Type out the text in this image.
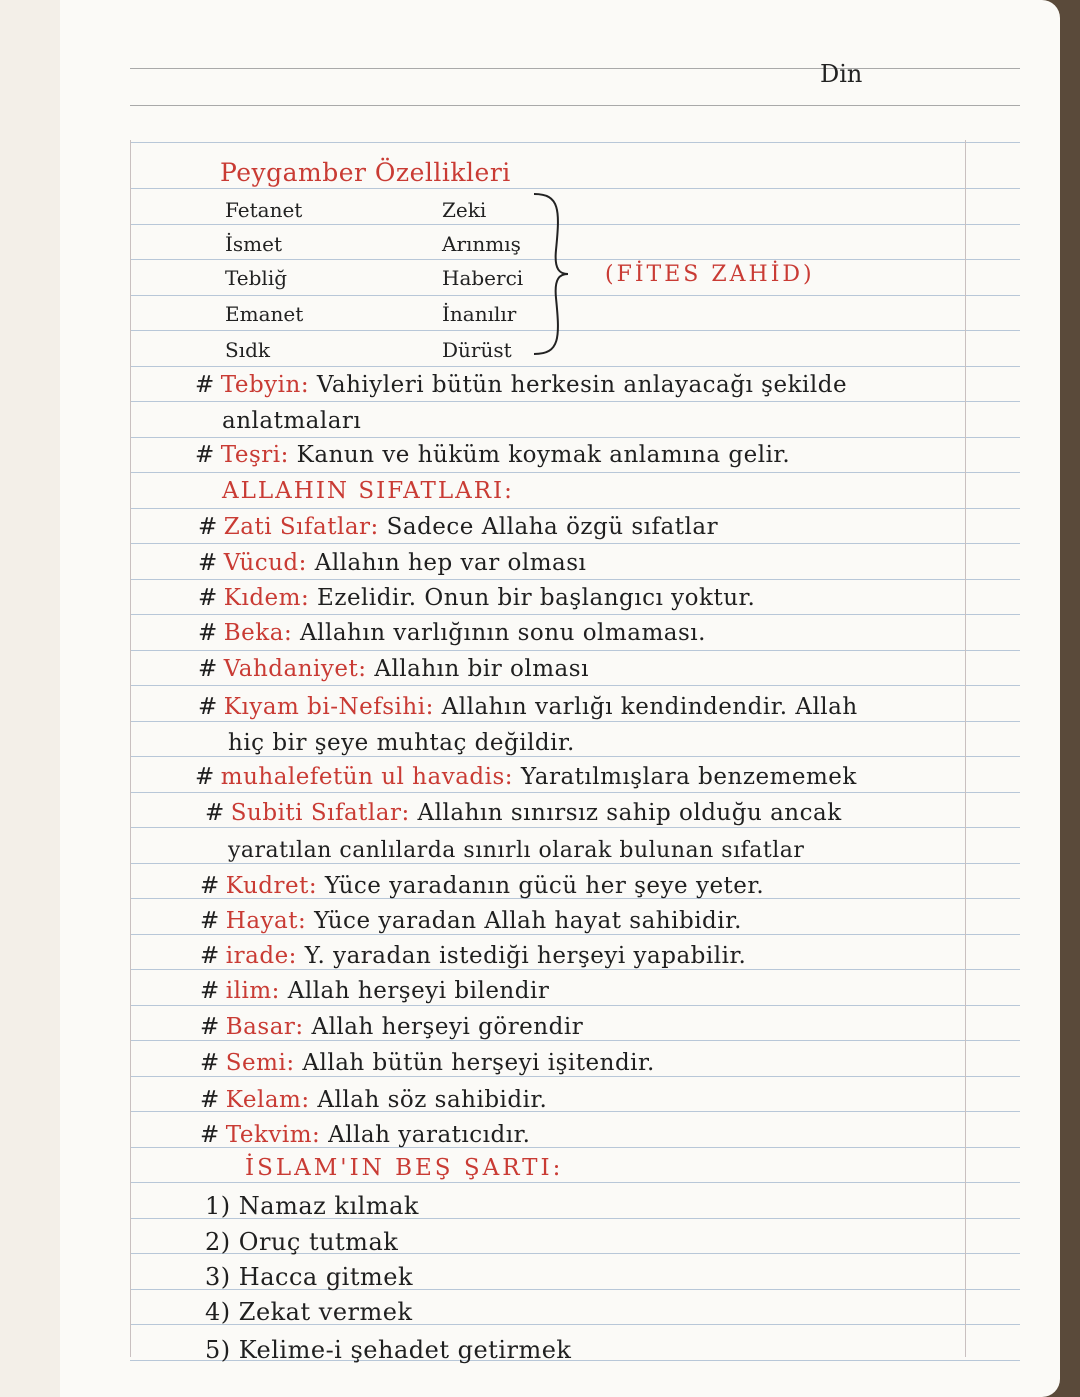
Din
Peygamber Özellikleri
Fetanet	Zeki
İsmet	Arınmış
Tebliğ	Haberci
Emanet	İnanılır
Sıdk	Dürüst
(FİTES ZAHİD)
# Tebyin: Vahiyleri bütün herkesin anlayacağı şekilde
anlatmaları
# Teşri: Kanun ve hüküm koymak anlamına gelir.
ALLAHIN SIFATLARI:
# Zati Sıfatlar: Sadece Allaha özgü sıfatlar
# Vücud: Allahın hep var olması
# Kıdem: Ezelidir. Onun bir başlangıcı yoktur.
# Beka: Allahın varlığının sonu olmaması.
# Vahdaniyet: Allahın bir olması
# Kıyam bi-Nefsihi: Allahın varlığı kendindendir. Allah
hiç bir şeye muhtaç değildir.
# muhalefetün ul havadis: Yaratılmışlara benzememek
# Subiti Sıfatlar: Allahın sınırsız sahip olduğu ancak
yaratılan canlılarda sınırlı olarak bulunan sıfatlar
# Kudret: Yüce yaradanın gücü her şeye yeter.
# Hayat: Yüce yaradan Allah hayat sahibidir.
# irade: Y. yaradan istediği herşeyi yapabilir.
# ilim: Allah herşeyi bilendir
# Basar: Allah herşeyi görendir
# Semi: Allah bütün herşeyi işitendir.
# Kelam: Allah söz sahibidir.
# Tekvim: Allah yaratıcıdır.
İSLAM'IN BEŞ ŞARTI:
1) Namaz kılmak
2) Oruç tutmak
3) Hacca gitmek
4) Zekat vermek
5) Kelime-i şehadet getirmek
